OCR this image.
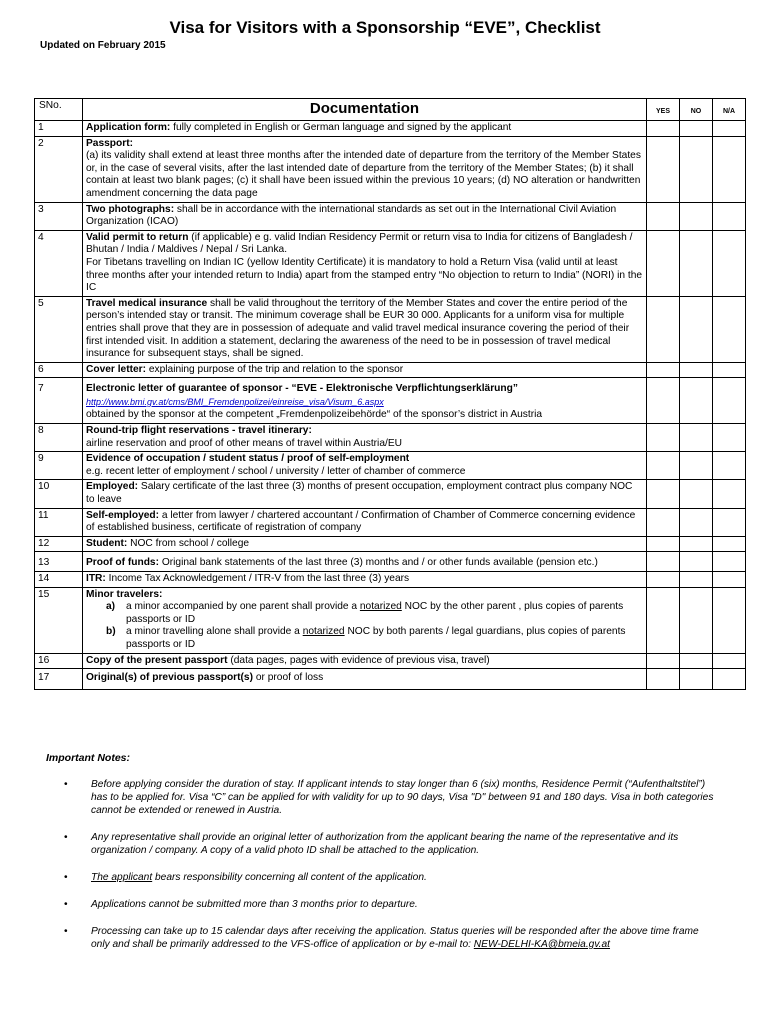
Visa for Visitors with a Sponsorship “EVE”, Checklist
Updated on February 2015
SNo.	Documentation	YES	NO	N/A
1	Application form: fully completed in English or German language and signed by the applicant			
2	Passport:
(a) its validity shall extend at least three months after the intended date of departure from the territory of the Member States or, in the case of several visits, after the last intended date of departure from the territory of the Member States; (b) it shall contain at least two blank pages; (c) it shall have been issued within the previous 10 years; (d) NO alteration or handwritten amendment concerning the data page			
3	Two photographs: shall be in accordance with the international standards as set out in the International Civil Aviation Organization (ICAO)			
4	Valid permit to return (if applicable) e g. valid Indian Residency Permit or return visa to India for citizens of Bangladesh / Bhutan / India / Maldives / Nepal / Sri Lanka.
For Tibetans travelling on Indian IC (yellow Identity Certificate) it is mandatory to hold a Return Visa (valid until at least three months after your intended return to India) apart from the stamped entry “No objection to return to India” (NORI) in the IC			
5	Travel medical insurance shall be valid throughout the territory of the Member States and cover the entire period of the person’s intended stay or transit. The minimum coverage shall be EUR 30 000. Applicants for a uniform visa for multiple entries shall prove that they are in possession of adequate and valid travel medical insurance covering the period of their first intended visit. In addition a statement, declaring the awareness of the need to be in possession of travel medical insurance for subsequent stays, shall be signed.			
6	Cover letter: explaining purpose of the trip and relation to the sponsor			
7	Electronic letter of guarantee of sponsor - “EVE - Elektronische Verpflichtungserklärung”
http://www.bmi.gv.at/cms/BMI_Fremdenpolizei/einreise_visa/Visum_6.aspx
obtained by the sponsor at the competent „Fremdenpolizeibehörde“ of the sponsor’s district in Austria			
8	Round-trip flight reservations - travel itinerary:
airline reservation and proof of other means of travel within Austria/EU			
9	Evidence of occupation / student status / proof of self-employment
e.g. recent letter of employment / school / university / letter of chamber of commerce			
10	Employed: Salary certificate of the last three (3) months of present occupation, employment contract plus company NOC to leave			
11	Self-employed: a letter from lawyer / chartered accountant / Confirmation of Chamber of Commerce concerning evidence of established business, certificate of registration of company			
12	Student: NOC from school / college			
13	Proof of funds: Original bank statements of the last three (3) months and / or other funds available (pension etc.)			
14	ITR: Income Tax Acknowledgement / ITR-V from the last three (3) years			
15	Minor travelers:
a) a minor accompanied by one parent shall provide a notarized NOC by the other parent , plus copies of parents passports or ID
b) a minor travelling alone shall provide a notarized NOC by both parents / legal guardians, plus copies of parents passports or ID			

16	Copy of the present passport (data pages, pages with evidence of previous visa, travel)			
17	Original(s) of previous passport(s) or proof of loss			
Important Notes:
• Before applying consider the duration of stay. If applicant intends to stay longer than 6 (six) months, Residence Permit (“Aufenthaltstitel”) has to be applied for. Visa “C” can be applied for with validity for up to 90 days, Visa "D" between 91 and 180 days. Visa in both categories cannot be extended or renewed in Austria.
• Any representative shall provide an original letter of authorization from the applicant bearing the name of the representative and its organization / company. A copy of a valid photo ID shall be attached to the application.
• The applicant bears responsibility concerning all content of the application.
• Applications cannot be submitted more than 3 months prior to departure.
• Processing can take up to 15 calendar days after receiving the application. Status queries will be responded after the above time frame only and shall be primarily addressed to the VFS-office of application or by e-mail to: NEW-DELHI-KA@bmeia.gv.at
